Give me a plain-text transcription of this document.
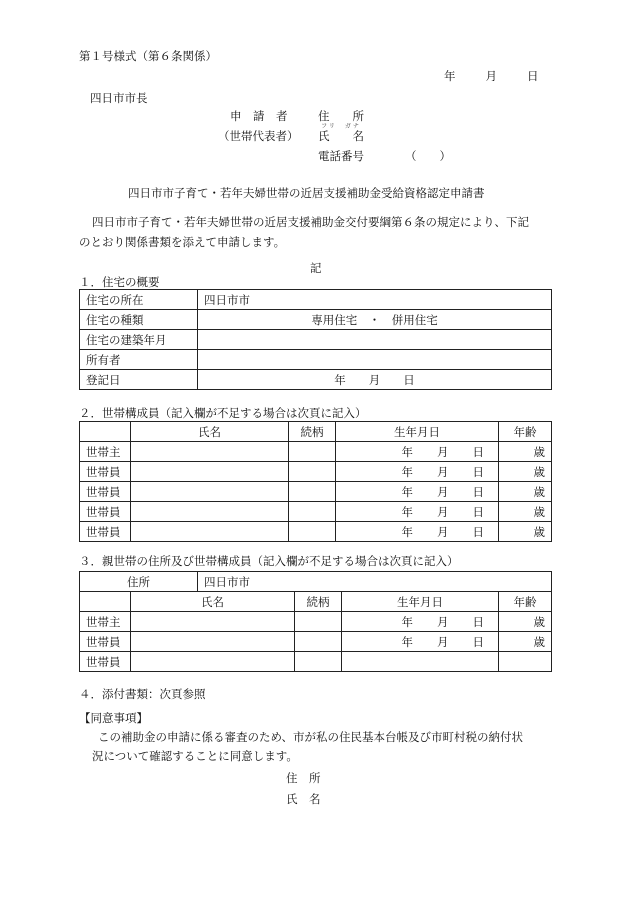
第１号様式（第６条関係）
年	月	日
四日市市長
申　請　者	住　　所
（世帯代表者）
フリ　ガナ
氏　　名
電話番号	（　　）
四日市市子育て・若年夫婦世帯の近居支援補助金受給資格認定申請書
四日市市子育て・若年夫婦世帯の近居支援補助金交付要綱第６条の規定により、下記
のとおり関係書類を添えて申請します。
記
１．住宅の概要
住宅の所在	四日市市
住宅の種類	専用住宅　・　併用住宅
住宅の建築年月	
所有者	
登記日	年　　月　　日
２．世帯構成員（記入欄が不足する場合は次頁に記入）
	氏名	続柄	生年月日	年齢
世帯主			年 月 日	歳
世帯員			年 月 日	歳
世帯員			年 月 日	歳
世帯員			年 月 日	歳
世帯員			年 月 日	歳
３．親世帯の住所及び世帯構成員（記入欄が不足する場合は次頁に記入）
住所		四日市市			
	氏名		続柄	生年月日	年齢
世帯主				年 月 日	歳
世帯員				年 月 日	歳
世帯員					
４．添付書類：次頁参照
【同意事項】
この補助金の申請に係る審査のため、市が私の住民基本台帳及び市町村税の納付状
況について確認することに同意します。
住　所
氏　名
